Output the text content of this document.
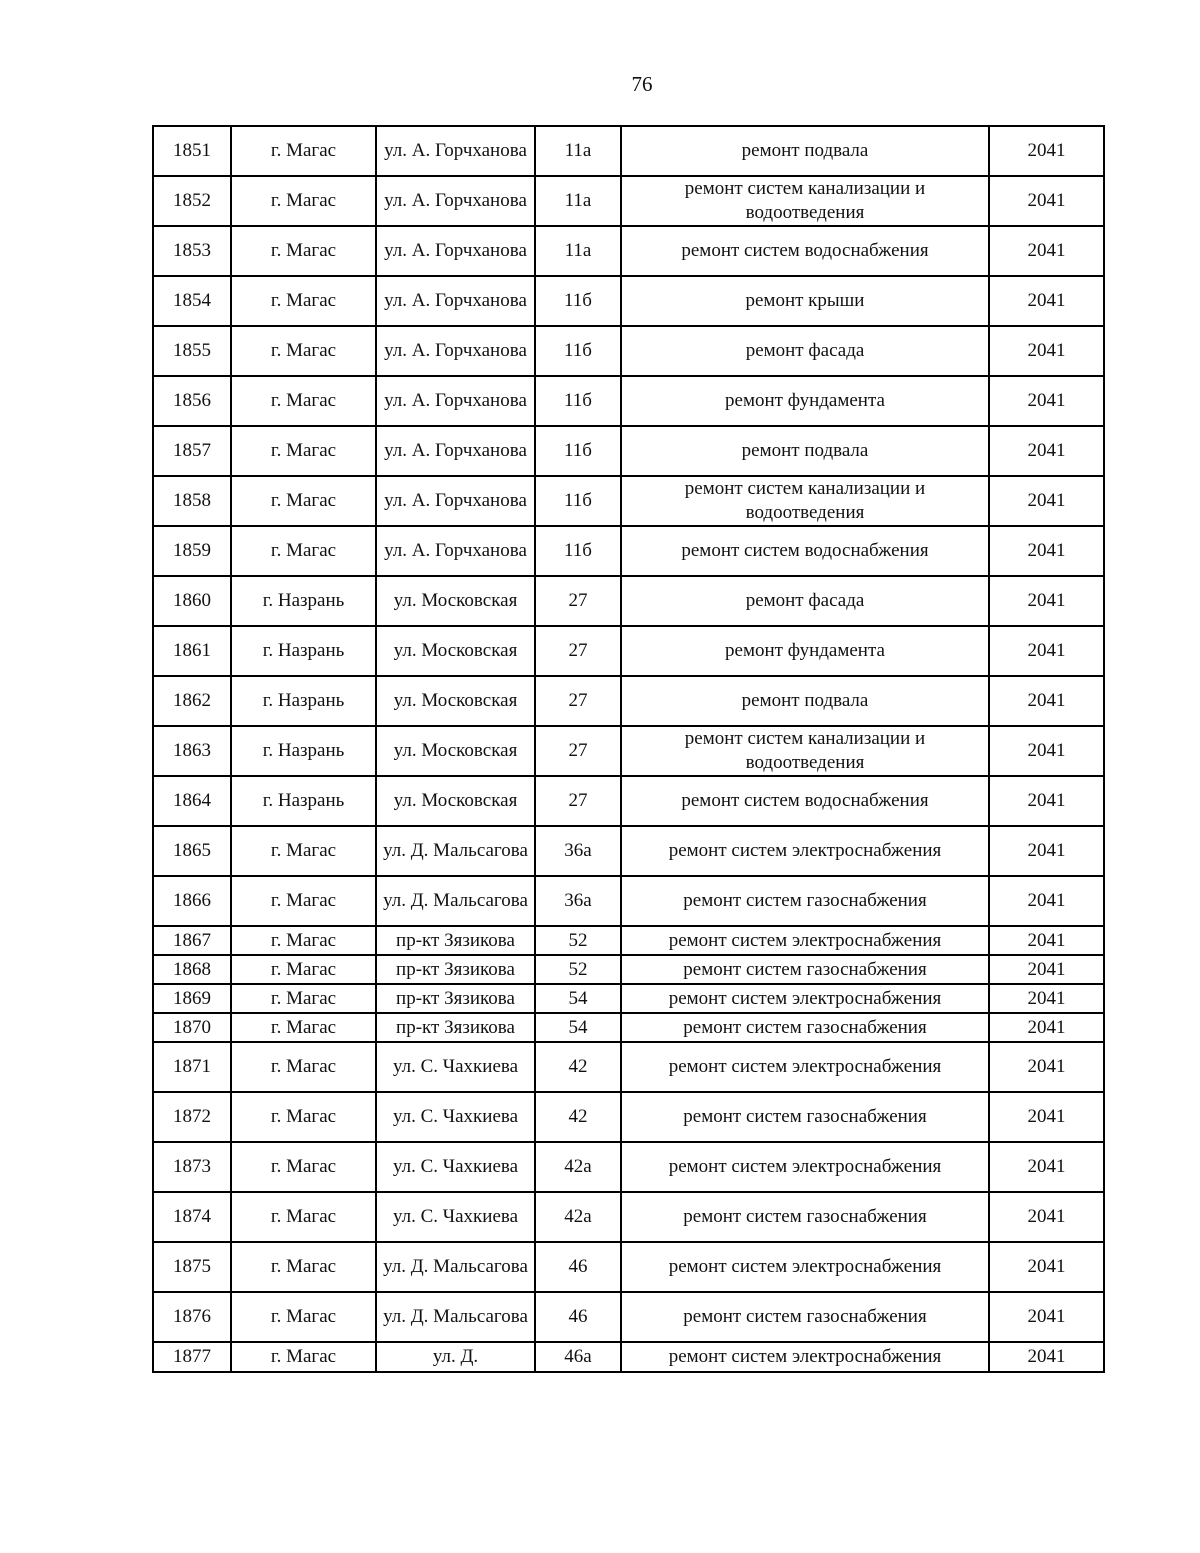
76
1851	г. Магас	ул. А. Горчханова	11а	ремонт подвала	2041
1852	г. Магас	ул. А. Горчханова	11а	ремонт систем канализации и водоотведения	2041
1853	г. Магас	ул. А. Горчханова	11а	ремонт систем водоснабжения	2041
1854	г. Магас	ул. А. Горчханова	11б	ремонт крыши	2041
1855	г. Магас	ул. А. Горчханова	11б	ремонт фасада	2041
1856	г. Магас	ул. А. Горчханова	11б	ремонт фундамента	2041
1857	г. Магас	ул. А. Горчханова	11б	ремонт подвала	2041
1858	г. Магас	ул. А. Горчханова	11б	ремонт систем канализации и водоотведения	2041
1859	г. Магас	ул. А. Горчханова	11б	ремонт систем водоснабжения	2041
1860	г. Назрань	ул. Московская	27	ремонт фасада	2041
1861	г. Назрань	ул. Московская	27	ремонт фундамента	2041
1862	г. Назрань	ул. Московская	27	ремонт подвала	2041
1863	г. Назрань	ул. Московская	27	ремонт систем канализации и водоотведения	2041
1864	г. Назрань	ул. Московская	27	ремонт систем водоснабжения	2041
1865	г. Магас	ул. Д. Мальсагова	36а	ремонт систем электроснабжения	2041
1866	г. Магас	ул. Д. Мальсагова	36а	ремонт систем газоснабжения	2041
1867	г. Магас	пр-кт Зязикова	52	ремонт систем электроснабжения	2041
1868	г. Магас	пр-кт Зязикова	52	ремонт систем газоснабжения	2041
1869	г. Магас	пр-кт Зязикова	54	ремонт систем электроснабжения	2041
1870	г. Магас	пр-кт Зязикова	54	ремонт систем газоснабжения	2041
1871	г. Магас	ул. С. Чахкиева	42	ремонт систем электроснабжения	2041
1872	г. Магас	ул. С. Чахкиева	42	ремонт систем газоснабжения	2041
1873	г. Магас	ул. С. Чахкиева	42а	ремонт систем электроснабжения	2041
1874	г. Магас	ул. С. Чахкиева	42а	ремонт систем газоснабжения	2041
1875	г. Магас	ул. Д. Мальсагова	46	ремонт систем электроснабжения	2041
1876	г. Магас	ул. Д. Мальсагова	46	ремонт систем газоснабжения	2041
1877	г. Магас	ул. Д.	46а	ремонт систем электроснабжения	2041
